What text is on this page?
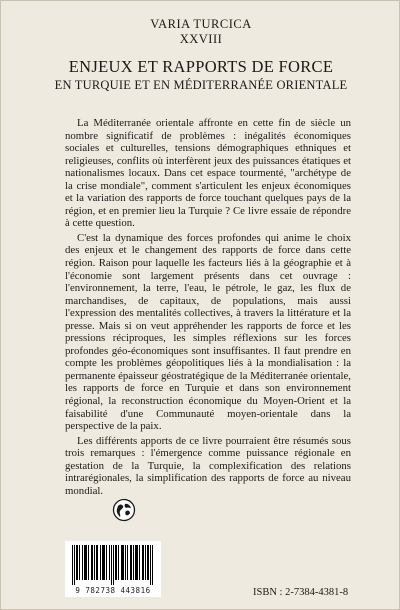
VARIA TURCICA
XXVIII
ENJEUX ET RAPPORTS DE FORCE
EN TURQUIE ET EN MÉDITERRANÉE ORIENTALE

La Méditerranée orientale affronte en cette fin de siècle un nombre significatif de problèmes : inégalités économiques sociales et culturelles, tensions démographiques ethniques et religieuses, conflits où interfèrent jeux des puissances étatiques et nationalismes locaux. Dans cet espace tourmenté, "archétype de la crise mondiale", comment s'articulent les enjeux économiques et la variation des rapports de force touchant quelques pays de la région, et en premier lieu la Turquie ? Ce livre essaie de répondre à cette question.

C'est la dynamique des forces profondes qui anime le choix des enjeux et le changement des rapports de force dans cette région. Raison pour laquelle les facteurs liés à la géographie et à l'économie sont largement présents dans cet ouvrage : l'environnement, la terre, l'eau, le pétrole, le gaz, les flux de marchandises, de capitaux, de populations, mais aussi l'expression des mentalités collectives, à travers la littérature et la presse. Mais si on veut appréhender les rapports de force et les pressions réciproques, les simples réflexions sur les forces profondes géo-économiques sont insuffisantes. Il faut prendre en compte les problèmes géopolitiques liés à la mondialisation : la permanente épaisseur géostratégique de la Méditerranée orientale, les rapports de force en Turquie et dans son environnement régional, la reconstruction économique du Moyen-Orient et la faisabilité d'une Communauté moyen-orientale dans la perspective de la paix.

Les différents apports de ce livre pourraient être résumés sous trois remarques : l'émergence comme puissance régionale en gestation de la Turquie, la complexification des relations intrarégionales, la simplification des rapports de force au niveau mondial.

9 782738 443816	ISBN : 2-7384-4381-8
